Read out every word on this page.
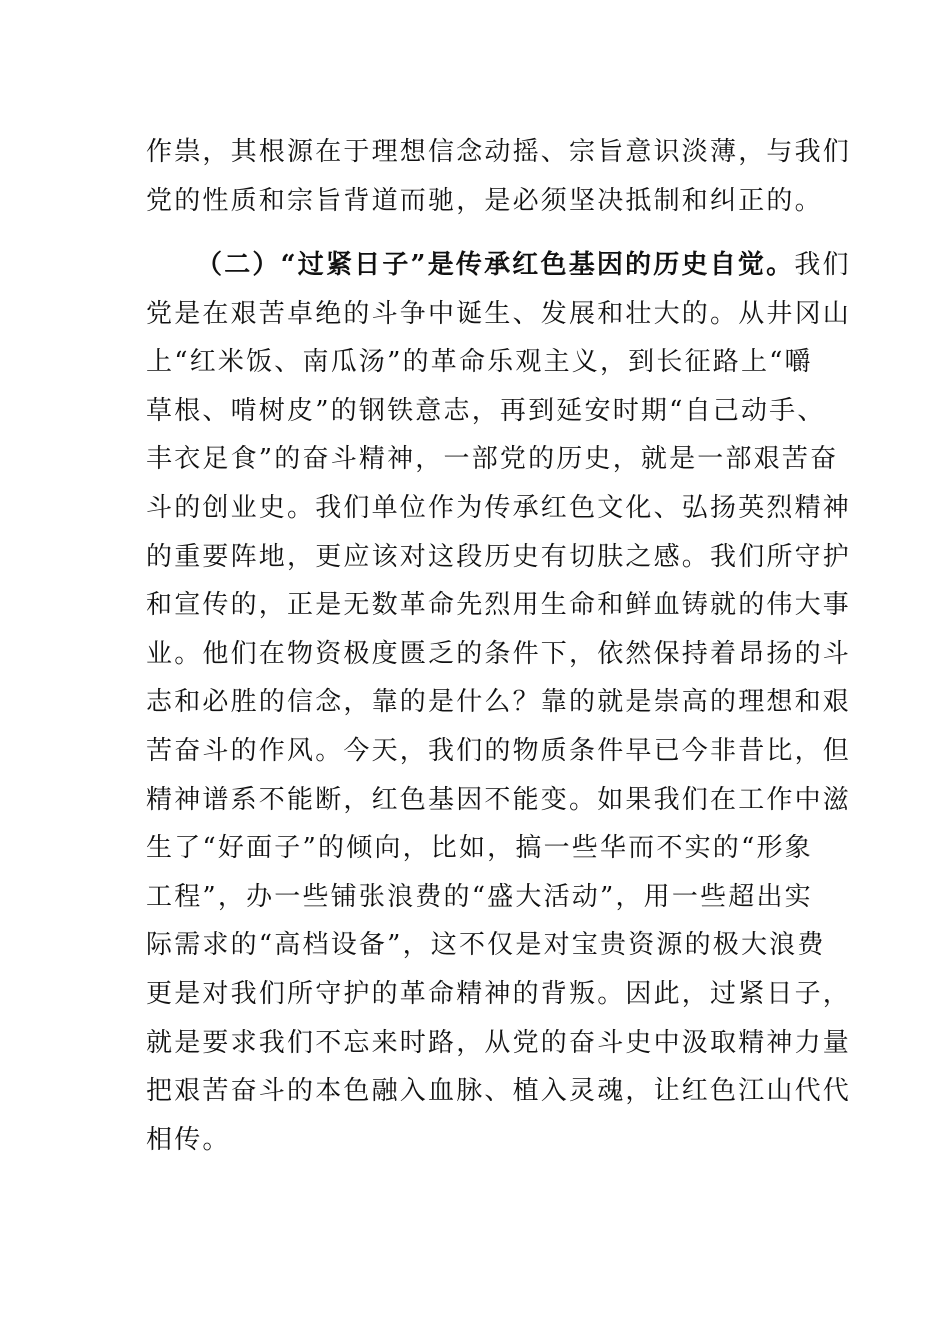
作祟，其根源在于理想信念动摇、宗旨意识淡薄，与我们
党的性质和宗旨背道而驰，是必须坚决抵制和纠正的。
（二）“过紧日子”是传承红色基因的历史自觉。我们
党是在艰苦卓绝的斗争中诞生、发展和壮大的。从井冈山
上“红米饭、南瓜汤”的革命乐观主义，到长征路上“嚼
草根、啃树皮”的钢铁意志，再到延安时期“自己动手、
丰衣足食”的奋斗精神，一部党的历史，就是一部艰苦奋
斗的创业史。我们单位作为传承红色文化、弘扬英烈精神
的重要阵地，更应该对这段历史有切肤之感。我们所守护
和宣传的，正是无数革命先烈用生命和鲜血铸就的伟大事
业。他们在物资极度匮乏的条件下，依然保持着昂扬的斗
志和必胜的信念，靠的是什么？靠的就是崇高的理想和艰
苦奋斗的作风。今天，我们的物质条件早已今非昔比，但
精神谱系不能断，红色基因不能变。如果我们在工作中滋
生了“好面子”的倾向，比如，搞一些华而不实的“形象
工程”，办一些铺张浪费的“盛大活动”，用一些超出实
际需求的“高档设备”，这不仅是对宝贵资源的极大浪费
更是对我们所守护的革命精神的背叛。因此，过紧日子，
就是要求我们不忘来时路，从党的奋斗史中汲取精神力量
把艰苦奋斗的本色融入血脉、植入灵魂，让红色江山代代
相传。
